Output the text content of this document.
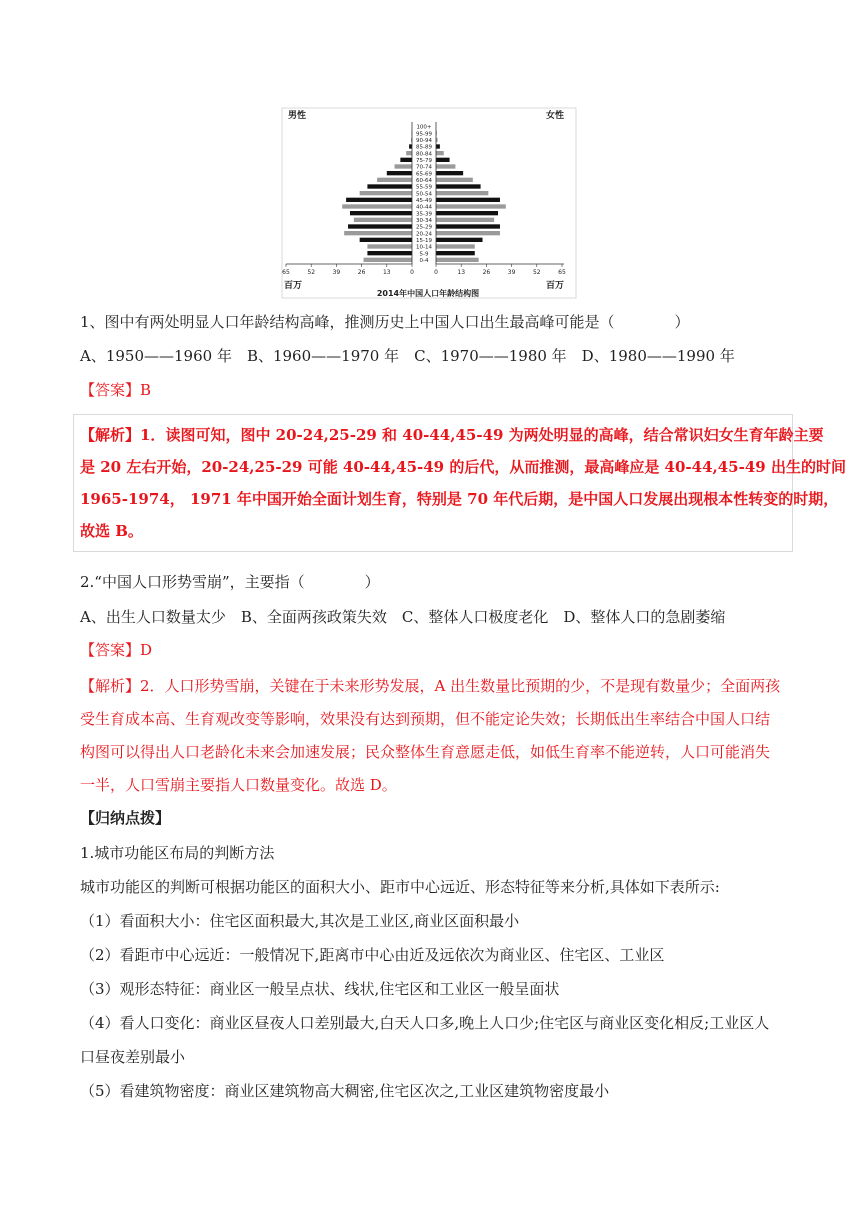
100+
95-99
90-94
85-89
80-84
75-79
70-74
65-69
60-64
55-59
50-54
45-49
40-44
35-39
30-34
25-29
20-24
15-19
10-14
5-9
0-4
65	52	39	26	13	0	0	13	26	39	52	65
男性	女性
百万	百万
2014年中国人口年龄结构图
1、图中有两处明显人口年龄结构高峰，推测历史上中国人口出生最高峰可能是（　　　　）
A、1950——1960 年　B、1960——1970 年　C、1970——1980 年　D、1980——1990 年
【答案】B
【解析】1．读图可知，图中 20-24,25-29 和 40-44,45-49 为两处明显的高峰，结合常识妇女生育年龄主要
是 20 左右开始，20-24,25-29 可能 40-44,45-49 的后代，从而推测，最高峰应是 40-44,45-49 出生的时间
1965-1974， 1971 年中国开始全面计划生育，特别是 70 年代后期，是中国人口发展出现根本性转变的时期，
故选 B。
2.“中国人口形势雪崩”，主要指（　　　　）
A、出生人口数量太少　B、全面两孩政策失效　C、整体人口极度老化　D、整体人口的急剧萎缩
【答案】D
【解析】2．人口形势雪崩，关键在于未来形势发展，A 出生数量比预期的少，不是现有数量少；全面两孩
受生育成本高、生育观改变等影响，效果没有达到预期，但不能定论失效；长期低出生率结合中国人口结
构图可以得出人口老龄化未来会加速发展；民众整体生育意愿走低，如低生育率不能逆转，人口可能消失
一半，人口雪崩主要指人口数量变化。故选 D。
【归纳点拨】
1.城市功能区布局的判断方法
城市功能区的判断可根据功能区的面积大小、距市中心远近、形态特征等来分析,具体如下表所示:
（1）看面积大小：住宅区面积最大,其次是工业区,商业区面积最小
（2）看距市中心远近：一般情况下,距离市中心由近及远依次为商业区、住宅区、工业区
（3）观形态特征：商业区一般呈点状、线状,住宅区和工业区一般呈面状
（4）看人口变化：商业区昼夜人口差别最大,白天人口多,晚上人口少;住宅区与商业区变化相反;工业区人
口昼夜差别最小
（5）看建筑物密度：商业区建筑物高大稠密,住宅区次之,工业区建筑物密度最小
